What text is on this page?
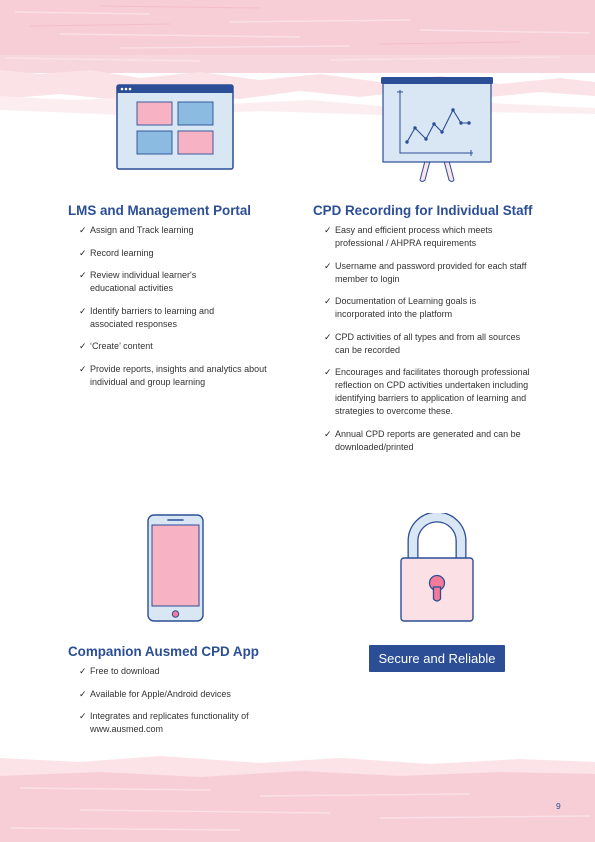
LMS and Management Portal
✓ Assign and Track learning
✓ Record learning
✓ Review individual learner's educational activities
✓ Identify barriers to learning and associated responses
✓ ‘Create’ content
✓ Provide reports, insights and analytics about individual and group learning
CPD Recording for Individual Staff
✓ Easy and efficient process which meets professional / AHPRA requirements
✓ Username and password provided for each staff member to login
✓ Documentation of Learning goals is incorporated into the platform
✓ CPD activities of all types and from all sources can be recorded
✓ Encourages and facilitates thorough professional reflection on CPD activities undertaken including identifying barriers to application of learning and strategies to overcome these.
✓ Annual CPD reports are generated and can be downloaded/printed
Companion Ausmed CPD App
✓ Free to download
✓ Available for Apple/Android devices
✓ Integrates and replicates functionality of www.ausmed.com
Secure and Reliable
9
